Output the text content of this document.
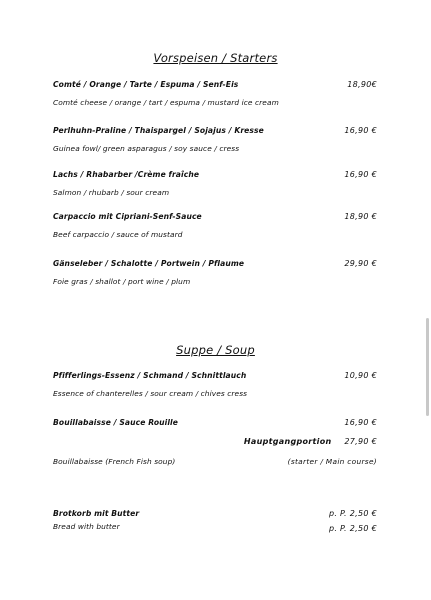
Vorspeisen / Starters
Comté / Orange / Tarte / Espuma / Senf-Eis
Comté cheese / orange / tart / espuma / mustard ice cream
18,90€
Perlhuhn-Praline / Thaispargel / Sojajus / Kresse
Guinea fowl/ green asparagus / soy sauce / cress
16,90 €
Lachs / Rhabarber /Crème fraîche
Salmon / rhubarb / sour cream
16,90 €
Carpaccio mit Cipriani-Senf-Sauce
Beef carpaccio / sauce of mustard
18,90 €
Gänseleber / Schalotte / Portwein / Pflaume
Foie gras / shallot / port wine / plum
29,90 €
Suppe / Soup
Pfifferlings-Essenz / Schmand / Schnittlauch
Essence of chanterelles / sour cream / chives cress
10,90 €
Bouillabaisse / Sauce Rouille	16,90 €
Hauptgangportion 27,90 €
Bouillabaisse (French Fish soup)	(starter / Main course)
Brotkorb mit Butter
Bread with butter
p. P. 2,50 €
p. P. 2,50 €
